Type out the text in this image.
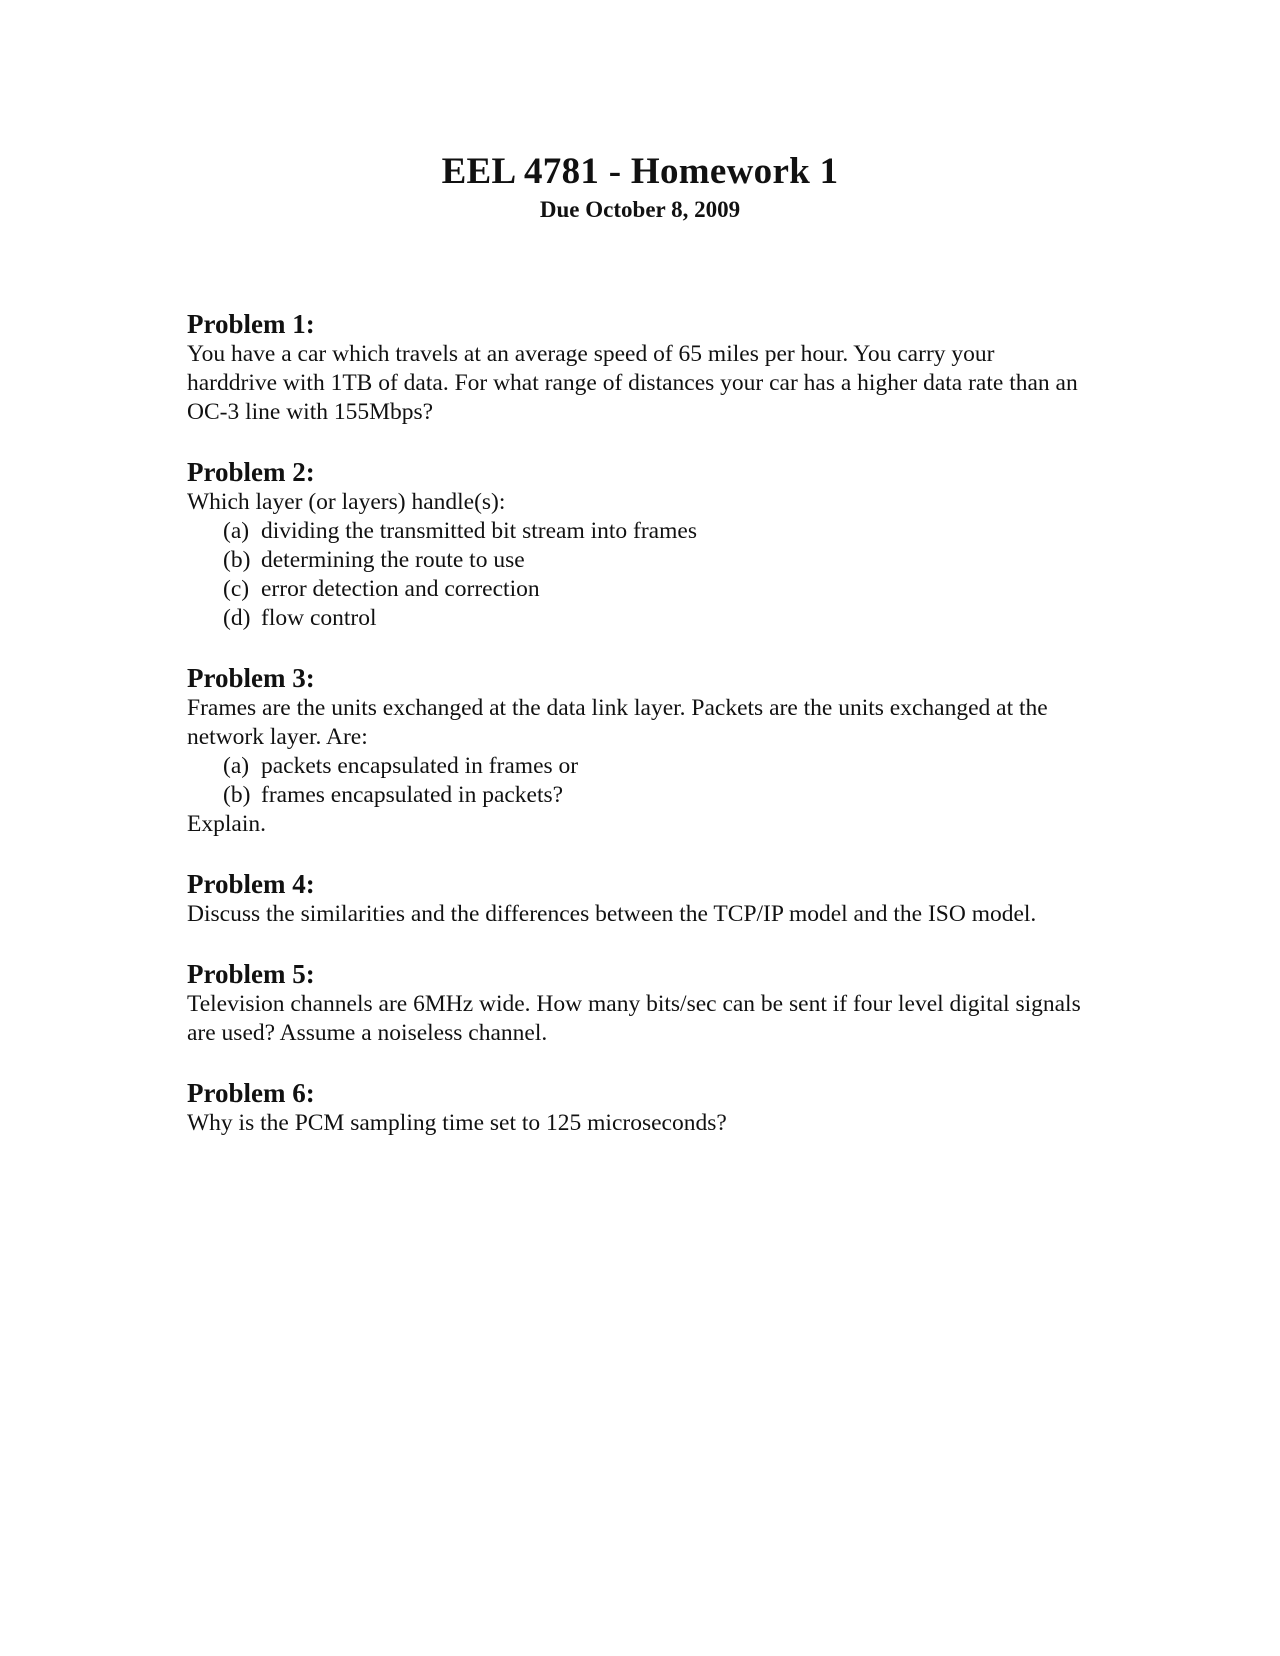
EEL 4781 - Homework 1
Due October 8, 2009
Problem 1:

You have a car which travels at an average speed of 65 miles per hour. You carry your harddrive with 1TB of data. For what range of distances your car has a higher data rate than an OC-3 line with 155Mbps?

Problem 2:

Which layer (or layers) handle(s):

(a) dividing the transmitted bit stream into frames
(b) determining the route to use
(c) error detection and correction
(d) flow control
Problem 3:

Frames are the units exchanged at the data link layer. Packets are the units exchanged at the network layer. Are:

(a) packets encapsulated in frames or
(b) frames encapsulated in packets?

Explain.

Problem 4:

Discuss the similarities and the differences between the TCP/IP model and the ISO model.

Problem 5:

Television channels are 6MHz wide. How many bits/sec can be sent if four level digital signals are used? Assume a noiseless channel.

Problem 6:

Why is the PCM sampling time set to 125 microseconds?
